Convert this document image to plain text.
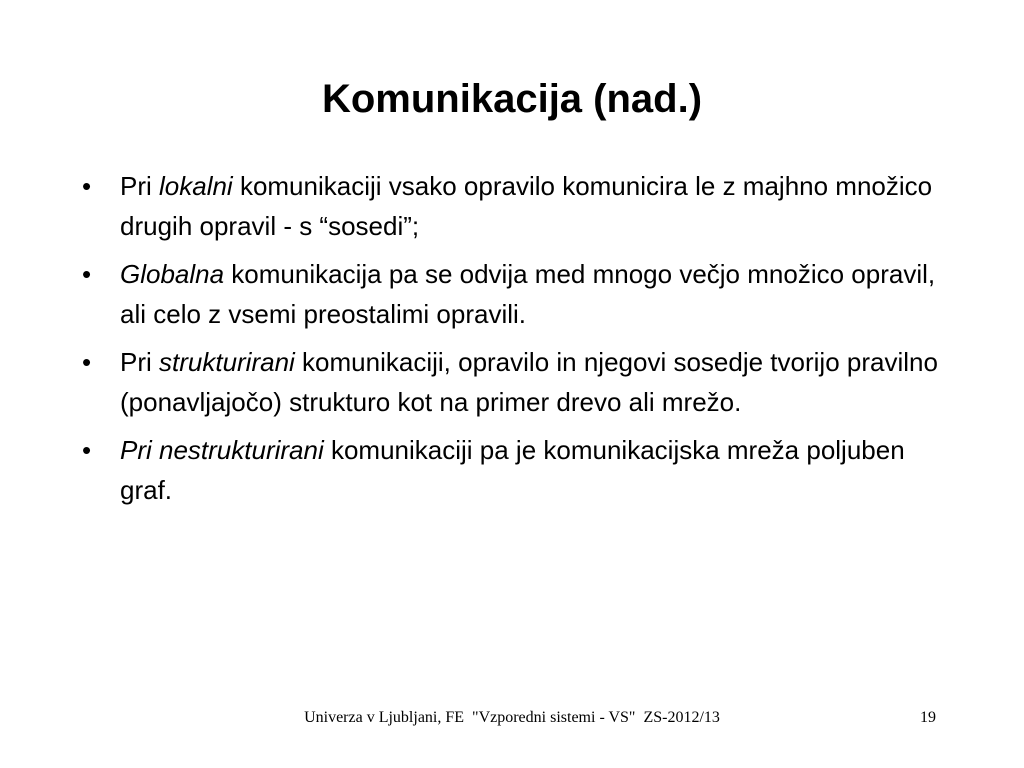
Komunikacija (nad.)
• Pri lokalni komunikaciji vsako opravilo komunicira le z majhno množico drugih opravil - s “sosedi”;
• Globalna komunikacija pa se odvija med mnogo večjo množico opravil, ali celo z vsemi preostalimi opravili.
• Pri strukturirani komunikaciji, opravilo in njegovi sosedje tvorijo pravilno (ponavljajočo) strukturo kot na primer drevo ali mrežo.
• Pri nestrukturirani komunikaciji pa je komunikacijska mreža poljuben graf.
Univerza v Ljubljani, FE  "Vzporedni sistemi - VS"  ZS-2012/13	19
